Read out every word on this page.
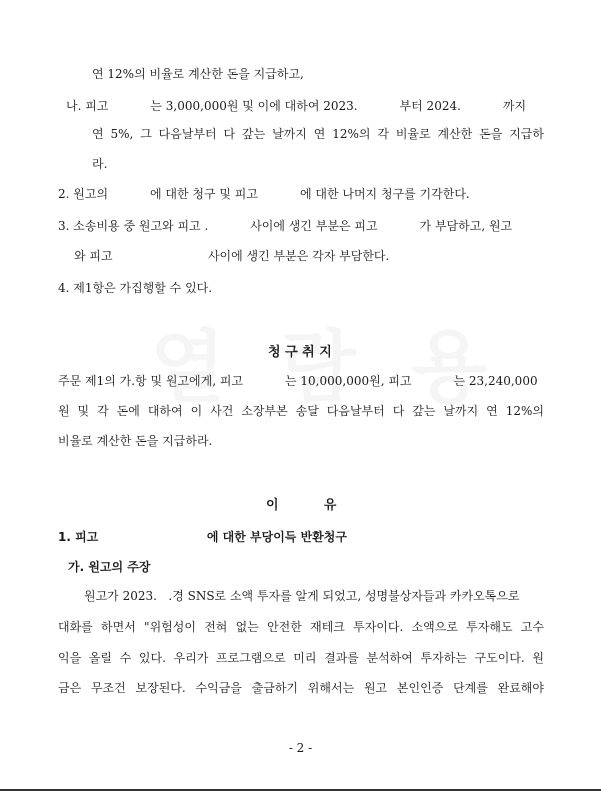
연 12%의 비율로 계산한 돈을 지급하고,
나. 피고           는 3,000,000원 및 이에 대하여 2023.           부터 2024.           까지
연 5%, 그 다음날부터 다 갚는 날까지 연 12%의 각 비율로 계산한 돈을 지급하
라.
2. 원고의           에 대한 청구 및 피고           에 대한 나머지 청구를 기각한다.
3. 소송비용 중 원고와 피고 .           사이에 생긴 부분은 피고           가 부담하고, 원고
와 피고                         사이에 생긴 부분은 각자 부담한다.
4. 제1항은 가집행할 수 있다.
청 구 취 지
주문 제1의 가.항 및 원고에게, 피고           는 10,000,000원, 피고           는 23,240,000
원 및 각 돈에 대하여 이 사건 소장부본 송달 다음날부터 다 갚는 날까지 연 12%의
비율로 계산한 돈을 지급하라.
이          유
1. 피고                          에 대한 부당이득 반환청구
가. 원고의 주장
원고가 2023.   .경 SNS로 소액 투자를 알게 되었고, 성명불상자들과 카카오톡으로
대화를 하면서 "위험성이 전혀 없는 안전한 재테크 투자이다. 소액으로 투자해도 고수
익을 올릴 수 있다. 우리가 프로그램으로 미리 결과를 분석하여 투자하는 구도이다. 원
금은 무조건 보장된다. 수익금을 출금하기 위해서는 원고 본인인증 단계를 완료해야
- 2 -
